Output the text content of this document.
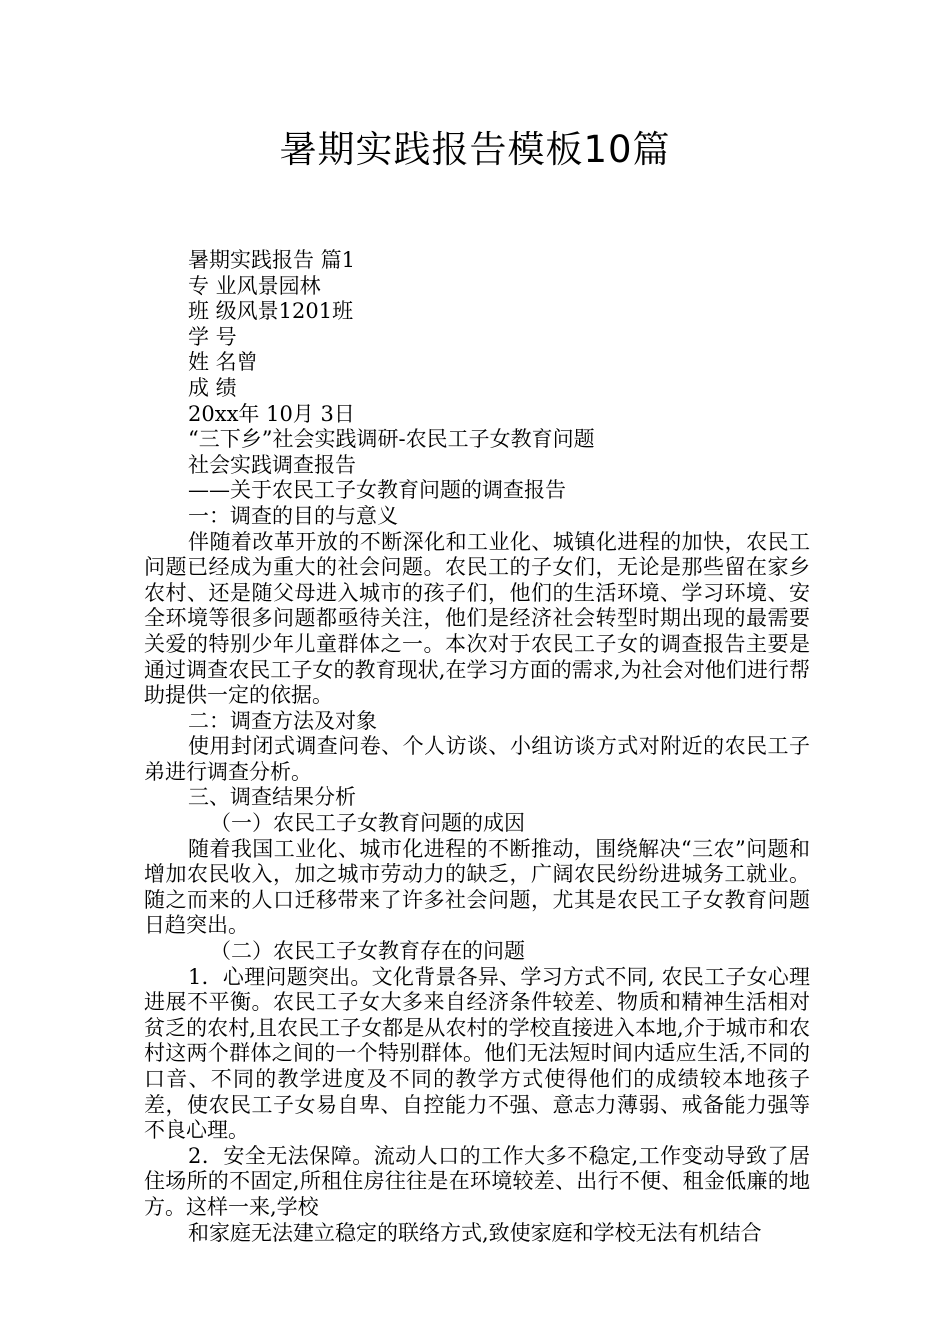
暑期实践报告模板10篇

暑期实践报告 篇1

专 业风景园林

班 级风景1201班

学 号

姓 名曾

成 绩

20xx年 10月 3日

“三下乡”社会实践调研-农民工子女教育问题

社会实践调查报告

——关于农民工子女教育问题的调查报告

一：调查的目的与意义

伴随着改革开放的不断深化和工业化、城镇化进程的加快，农民工问题已经成为重大的社会问题。农民工的子女们，无论是那些留在家乡农村、还是随父母进入城市的孩子们，他们的生活环境、学习环境、安全环境等很多问题都亟待关注，他们是经济社会转型时期出现的最需要关爱的特别少年儿童群体之一。本次对于农民工子女的调查报告主要是通过调查农民工子女的教育现状,在学习方面的需求,为社会对他们进行帮助提供一定的依据。

二：调查方法及对象

使用封闭式调查问卷、个人访谈、小组访谈方式对附近的农民工子弟进行调查分析。

三、调查结果分析

（一）农民工子女教育问题的成因

随着我国工业化、城市化进程的不断推动，围绕解决“三农”问题和增加农民收入，加之城市劳动力的缺乏，广阔农民纷纷进城务工就业。随之而来的人口迁移带来了许多社会问题，尤其是农民工子女教育问题日趋突出。

（二）农民工子女教育存在的问题

1．心理问题突出。文化背景各异、学习方式不同, 农民工子女心理进展不平衡。农民工子女大多来自经济条件较差、物质和精神生活相对贫乏的农村,且农民工子女都是从农村的学校直接进入本地,介于城市和农村这两个群体之间的一个特别群体。他们无法短时间内适应生活,不同的口音、不同的教学进度及不同的教学方式使得他们的成绩较本地孩子差，使农民工子女易自卑、自控能力不强、意志力薄弱、戒备能力强等不良心理。

2．安全无法保障。流动人口的工作大多不稳定,工作变动导致了居住场所的不固定,所租住房往往是在环境较差、出行不便、租金低廉的地方。这样一来,学校

和家庭无法建立稳定的联络方式,致使家庭和学校无法有机结合
